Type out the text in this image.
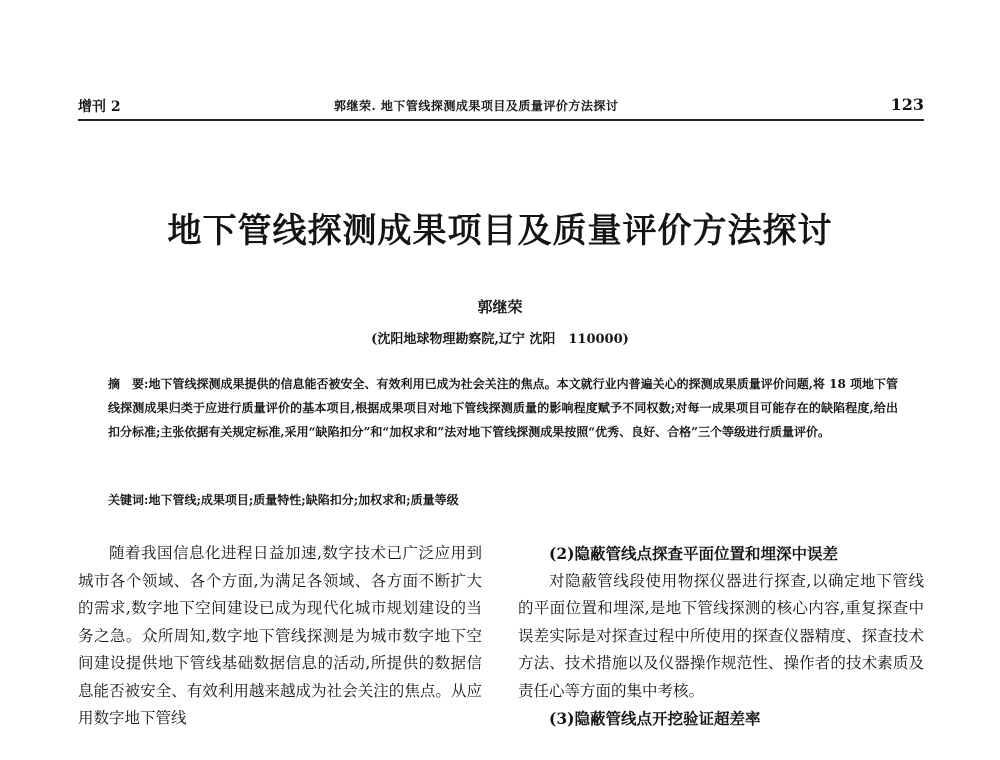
增刊 2	郭继荣. 地下管线探测成果项目及质量评价方法探讨	123
地下管线探测成果项目及质量评价方法探讨
郭继荣
(沈阳地球物理勘察院,辽宁 沈阳　110000)

摘　要:地下管线探测成果提供的信息能否被安全、有效利用已成为社会关注的焦点。本文就行业内普遍关心的探测成果质量评价问题,将 18 项地下管线探测成果归类于应进行质量评价的基本项目,根据成果项目对地下管线探测质量的影响程度赋予不同权数;对每一成果项目可能存在的缺陷程度,给出扣分标准;主张依据有关规定标准,采用“缺陷扣分”和“加权求和”法对地下管线探测成果按照“优秀、良好、合格”三个等级进行质量评价。

关键词:地下管线;成果项目;质量特性;缺陷扣分;加权求和;质量等级

随着我国信息化进程日益加速,数字技术已广泛应用到城市各个领域、各个方面,为满足各领域、各方面不断扩大的需求,数字地下空间建设已成为现代化城市规划建设的当务之急。众所周知,数字地下管线探测是为城市数字地下空间建设提供地下管线基础数据信息的活动,所提供的数据信息能否被安全、有效利用越来越成为社会关注的焦点。从应用数字地下管线

(2)隐蔽管线点探查平面位置和埋深中误差

对隐蔽管线段使用物探仪器进行探查,以确定地下管线的平面位置和埋深,是地下管线探测的核心内容,重复探查中误差实际是对探查过程中所使用的探查仪器精度、探查技术方法、技术措施以及仪器操作规范性、操作者的技术素质及责任心等方面的集中考核。

(3)隐蔽管线点开挖验证超差率
